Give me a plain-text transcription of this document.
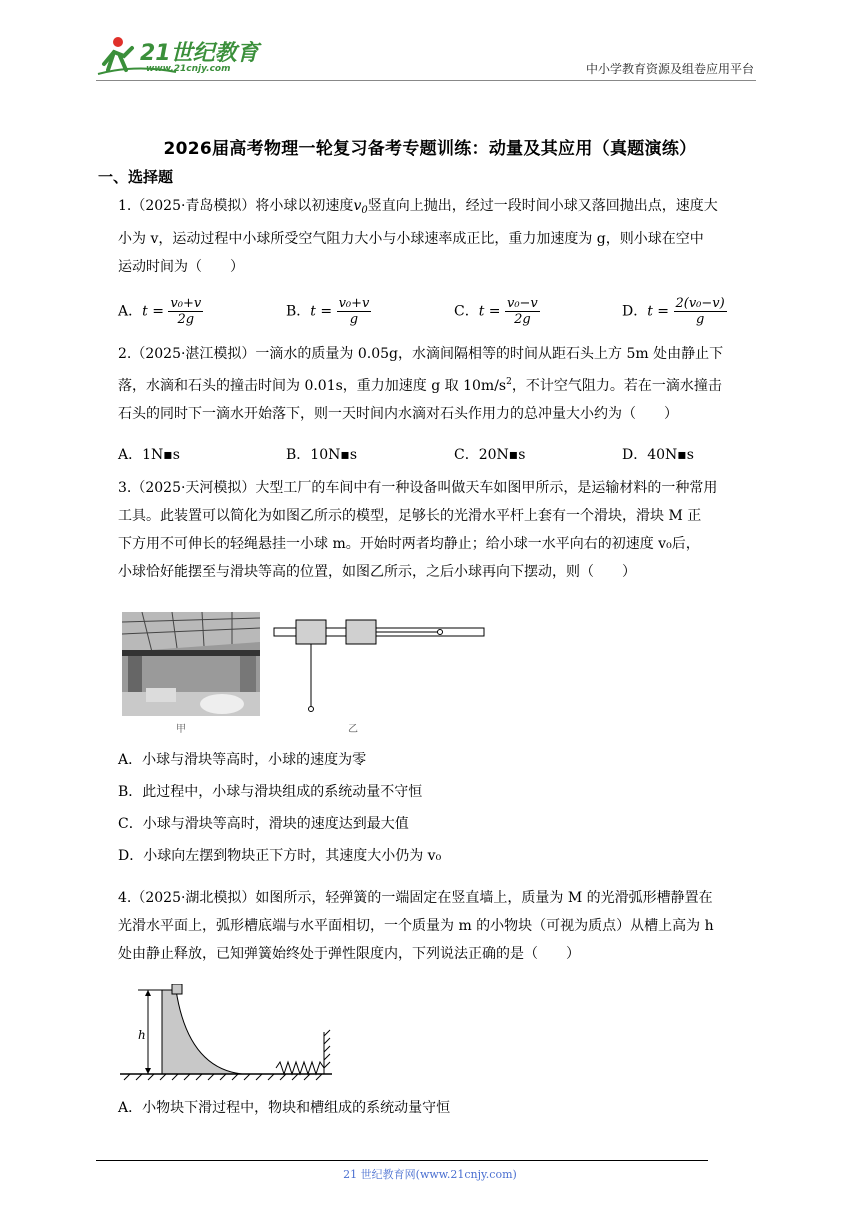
21世纪教育
www.21cnjy.com	中小学教育资源及组卷应用平台
2026届高考物理一轮复习备考专题训练：动量及其应用（真题演练）
一、选择题
1.（2025·青岛模拟）将小球以初速度$v_0$竖直向上抛出，经过一段时间小球又落回抛出点，速度大
小为 v，运动过程中小球所受空气阻力大小与小球速率成正比，重力加速度为 g，则小球在空中
运动时间为（　　）
A．$t = \frac{\text{v₀+v}}{2g}$	B．$t = \frac{\text{v₀+v}}{g}$	C．$t = \frac{\text{v₀−v}}{2g}$	D．$t = \frac{\text{2(v₀−v)}}{g}$
2.（2025·湛江模拟）一滴水的质量为 0.05g，水滴间隔相等的时间从距石头上方 5m 处由静止下
落，水滴和石头的撞击时间为 0.01s，重力加速度 g 取 $10m/s^2$，不计空气阻力。若在一滴水撞击
石头的同时下一滴水开始落下，则一天时间内水滴对石头作用力的总冲量大小约为（　　）
A．1N▪s	B．10N▪s	C．20N▪s	D．40N▪s
3.（2025·天河模拟）大型工厂的车间中有一种设备叫做天车如图甲所示，是运输材料的一种常用
工具。此装置可以简化为如图乙所示的模型，足够长的光滑水平杆上套有一个滑块，滑块 M 正
下方用不可伸长的轻绳悬挂一小球 m。开始时两者均静止；给小球一水平向右的初速度 v₀后，
小球恰好能摆至与滑块等高的位置，如图乙所示，之后小球再向下摆动，则（　　）
甲	乙
A．小球与滑块等高时，小球的速度为零
B．此过程中，小球与滑块组成的系统动量不守恒
C．小球与滑块等高时，滑块的速度达到最大值
D．小球向左摆到物块正下方时，其速度大小仍为 v₀
4.（2025·湖北模拟）如图所示，轻弹簧的一端固定在竖直墙上，质量为 M 的光滑弧形槽静置在
光滑水平面上，弧形槽底端与水平面相切，一个质量为 m 的小物块（可视为质点）从槽上高为 h
处由静止释放，已知弹簧始终处于弹性限度内，下列说法正确的是（　　）
h
A．小物块下滑过程中，物块和槽组成的系统动量守恒
21 世纪教育网(www.21cnjy.com)
